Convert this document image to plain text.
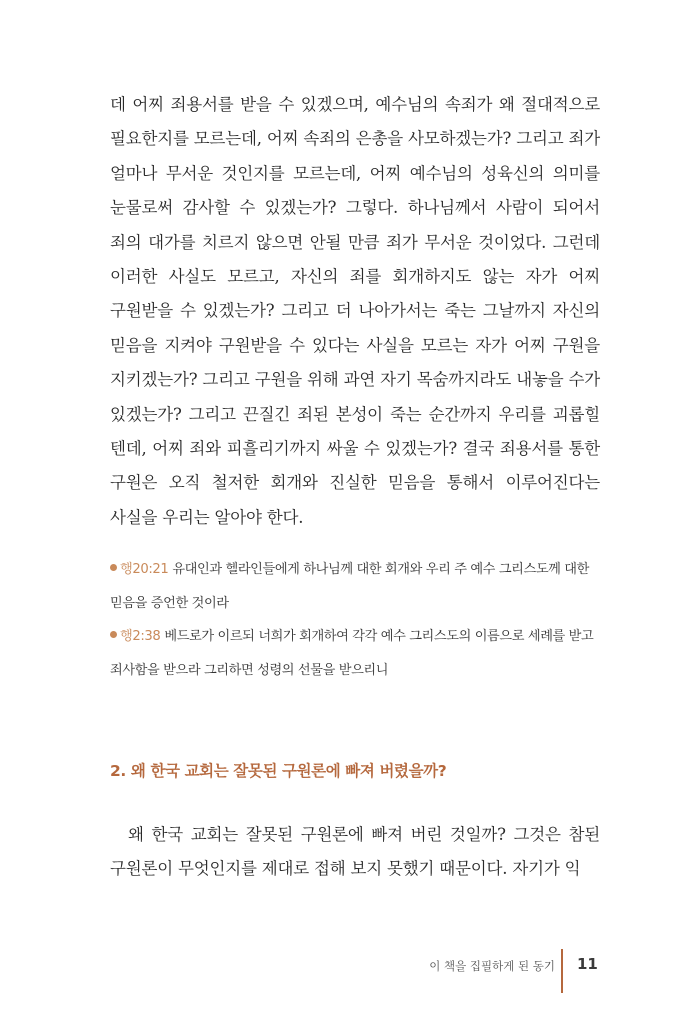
데 어찌 죄용서를 받을 수 있겠으며, 예수님의 속죄가 왜 절대적으로 필요한지를 모르는데, 어찌 속죄의 은총을 사모하겠는가? 그리고 죄가 얼마나 무서운 것인지를 모르는데, 어찌 예수님의 성육신의 의미를 눈물로써 감사할 수 있겠는가? 그렇다. 하나님께서 사람이 되어서 죄의 대가를 치르지 않으면 안될 만큼 죄가 무서운 것이었다. 그런데 이러한 사실도 모르고, 자신의 죄를 회개하지도 않는 자가 어찌 구원받을 수 있겠는가? 그리고 더 나아가서는 죽는 그날까지 자신의 믿음을 지켜야 구원받을 수 있다는 사실을 모르는 자가 어찌 구원을 지키겠는가? 그리고 구원을 위해 과연 자기 목숨까지라도 내놓을 수가 있겠는가? 그리고 끈질긴 죄된 본성이 죽는 순간까지 우리를 괴롭힐 텐데, 어찌 죄와 피흘리기까지 싸울 수 있겠는가? 결국 죄용서를 통한 구원은 오직 철저한 회개와 진실한 믿음을 통해서 이루어진다는 사실을 우리는 알아야 한다.

행20:21 유대인과 헬라인들에게 하나님께 대한 회개와 우리 주 예수 그리스도께 대한 믿음을 증언한 것이라

행2:38 베드로가 이르되 너희가 회개하여 각각 예수 그리스도의 이름으로 세례를 받고 죄사함을 받으라 그리하면 성령의 선물을 받으리니

2. 왜 한국 교회는 잘못된 구원론에 빠져 버렸을까?

왜 한국 교회는 잘못된 구원론에 빠져 버린 것일까? 그것은 참된 구원론이 무엇인지를 제대로 접해 보지 못했기 때문이다. 자기가 익

이 책을 집필하게 된 동기 11
